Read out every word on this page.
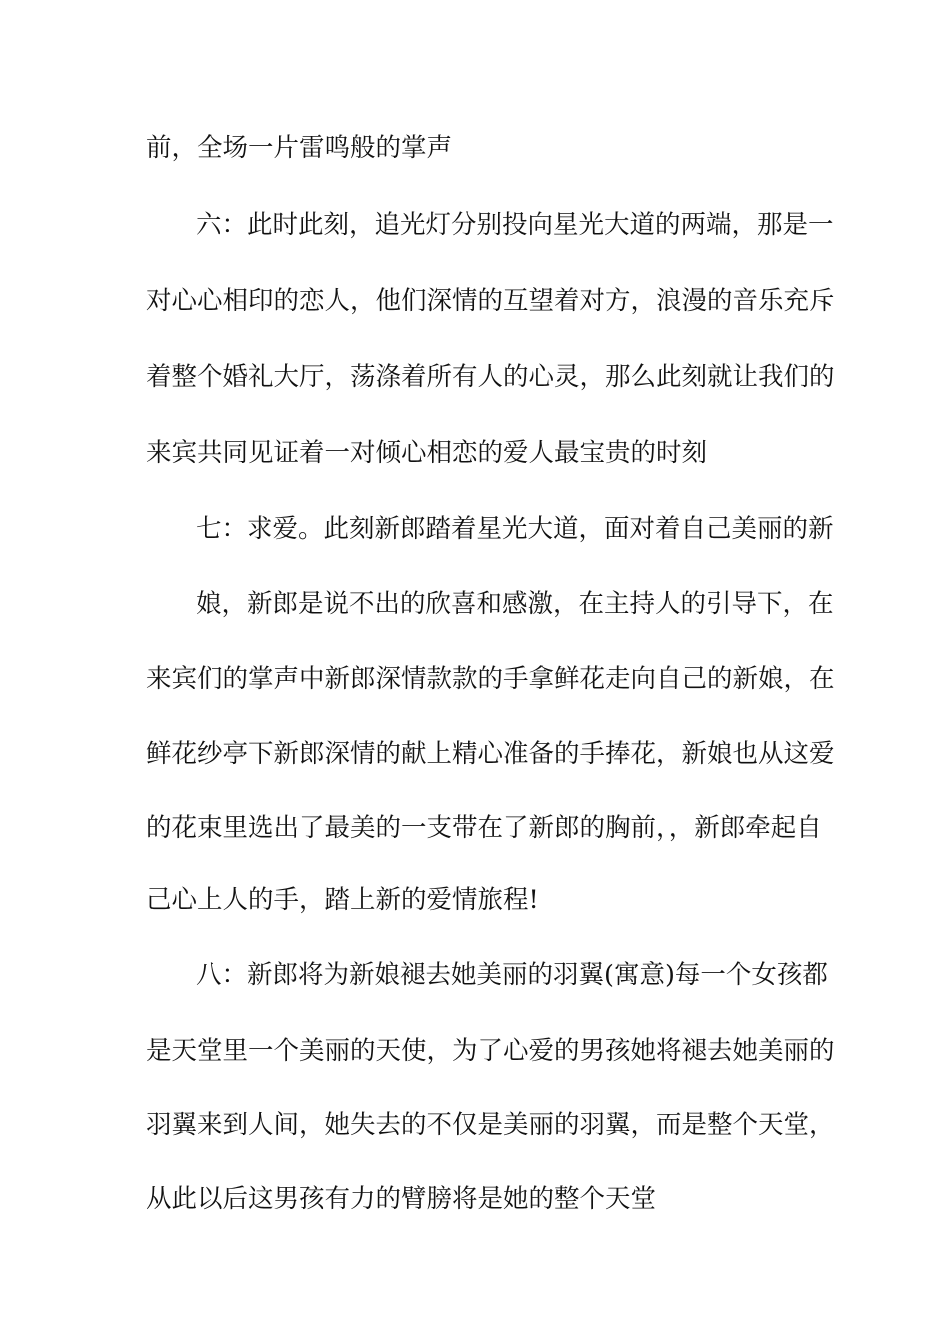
前，全场一片雷鸣般的掌声
六：此时此刻，追光灯分别投向星光大道的两端，那是一
对心心相印的恋人，他们深情的互望着对方，浪漫的音乐充斥
着整个婚礼大厅，荡涤着所有人的心灵，那么此刻就让我们的
来宾共同见证着一对倾心相恋的爱人最宝贵的时刻
七：求爱。此刻新郎踏着星光大道，面对着自己美丽的新
娘，新郎是说不出的欣喜和感激，在主持人的引导下，在
来宾们的掌声中新郎深情款款的手拿鲜花走向自己的新娘，在
鲜花纱亭下新郎深情的献上精心准备的手捧花，新娘也从这爱
的花束里选出了最美的一支带在了新郎的胸前，，新郎牵起自
己心上人的手，踏上新的爱情旅程!
八：新郎将为新娘褪去她美丽的羽翼(寓意)每一个女孩都
是天堂里一个美丽的天使，为了心爱的男孩她将褪去她美丽的
羽翼来到人间，她失去的不仅是美丽的羽翼，而是整个天堂，
从此以后这男孩有力的臂膀将是她的整个天堂
